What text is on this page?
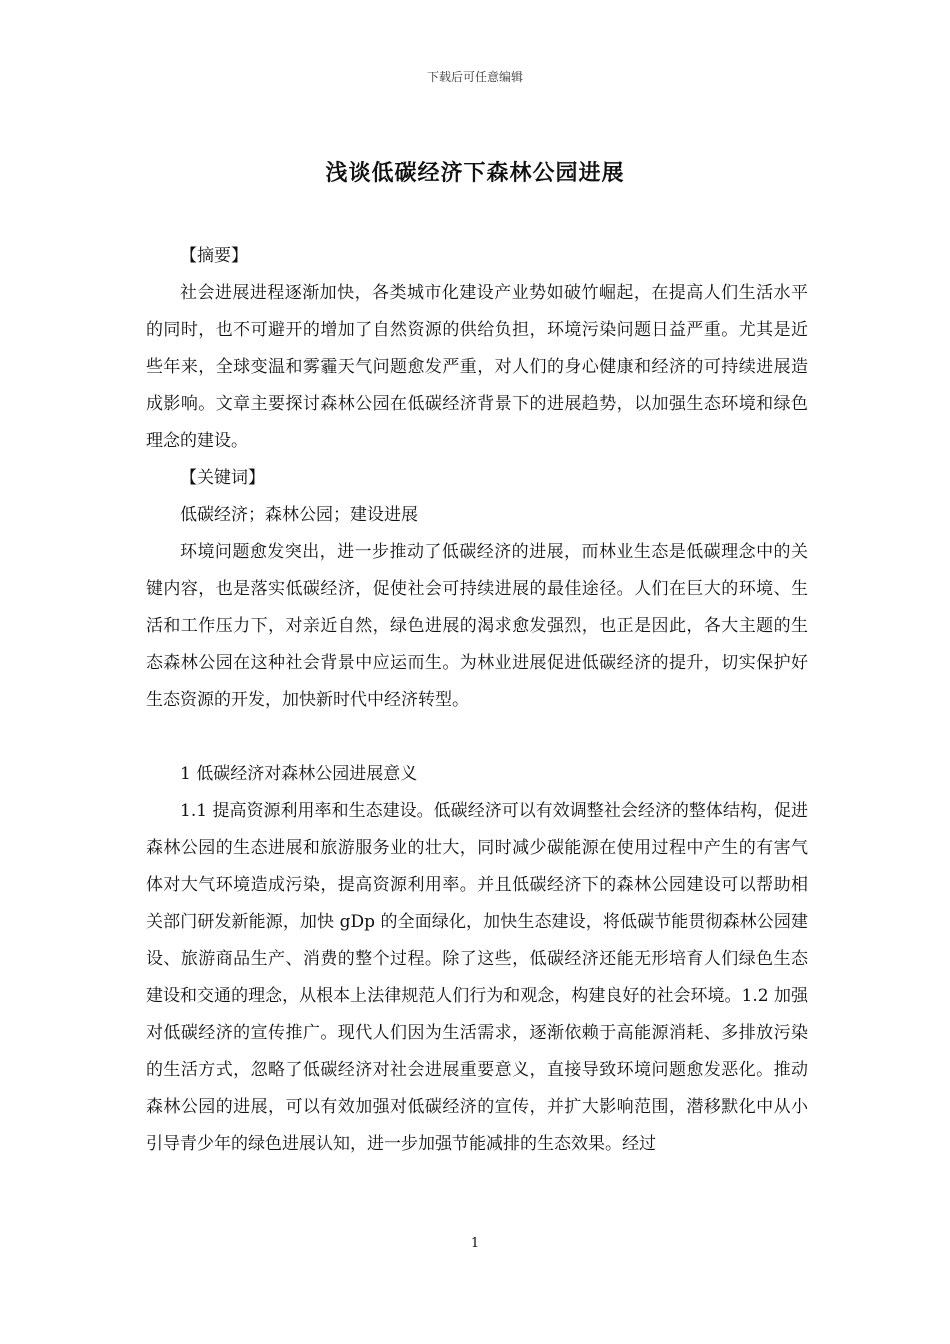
下载后可任意编辑
浅谈低碳经济下森林公园进展

【摘要】

社会进展进程逐渐加快，各类城市化建设产业势如破竹崛起，在提高人们生活水平的同时，也不可避开的增加了自然资源的供给负担，环境污染问题日益严重。尤其是近些年来，全球变温和雾霾天气问题愈发严重，对人们的身心健康和经济的可持续进展造成影响。文章主要探讨森林公园在低碳经济背景下的进展趋势，以加强生态环境和绿色理念的建设。

【关键词】

低碳经济；森林公园；建设进展

环境问题愈发突出，进一步推动了低碳经济的进展，而林业生态是低碳理念中的关键内容，也是落实低碳经济，促使社会可持续进展的最佳途径。人们在巨大的环境、生活和工作压力下，对亲近自然，绿色进展的渴求愈发强烈，也正是因此，各大主题的生态森林公园在这种社会背景中应运而生。为林业进展促进低碳经济的提升，切实保护好生态资源的开发，加快新时代中经济转型。

1 低碳经济对森林公园进展意义

1.1 提高资源利用率和生态建设。低碳经济可以有效调整社会经济的整体结构，促进森林公园的生态进展和旅游服务业的壮大，同时减少碳能源在使用过程中产生的有害气体对大气环境造成污染，提高资源利用率。并且低碳经济下的森林公园建设可以帮助相关部门研发新能源，加快 gDp 的全面绿化，加快生态建设，将低碳节能贯彻森林公园建设、旅游商品生产、消费的整个过程。除了这些，低碳经济还能无形培育人们绿色生态建设和交通的理念，从根本上法律规范人们行为和观念，构建良好的社会环境。1.2 加强对低碳经济的宣传推广。现代人们因为生活需求，逐渐依赖于高能源消耗、多排放污染的生活方式，忽略了低碳经济对社会进展重要意义，直接导致环境问题愈发恶化。推动森林公园的进展，可以有效加强对低碳经济的宣传，并扩大影响范围，潜移默化中从小引导青少年的绿色进展认知，进一步加强节能减排的生态效果。经过

1
